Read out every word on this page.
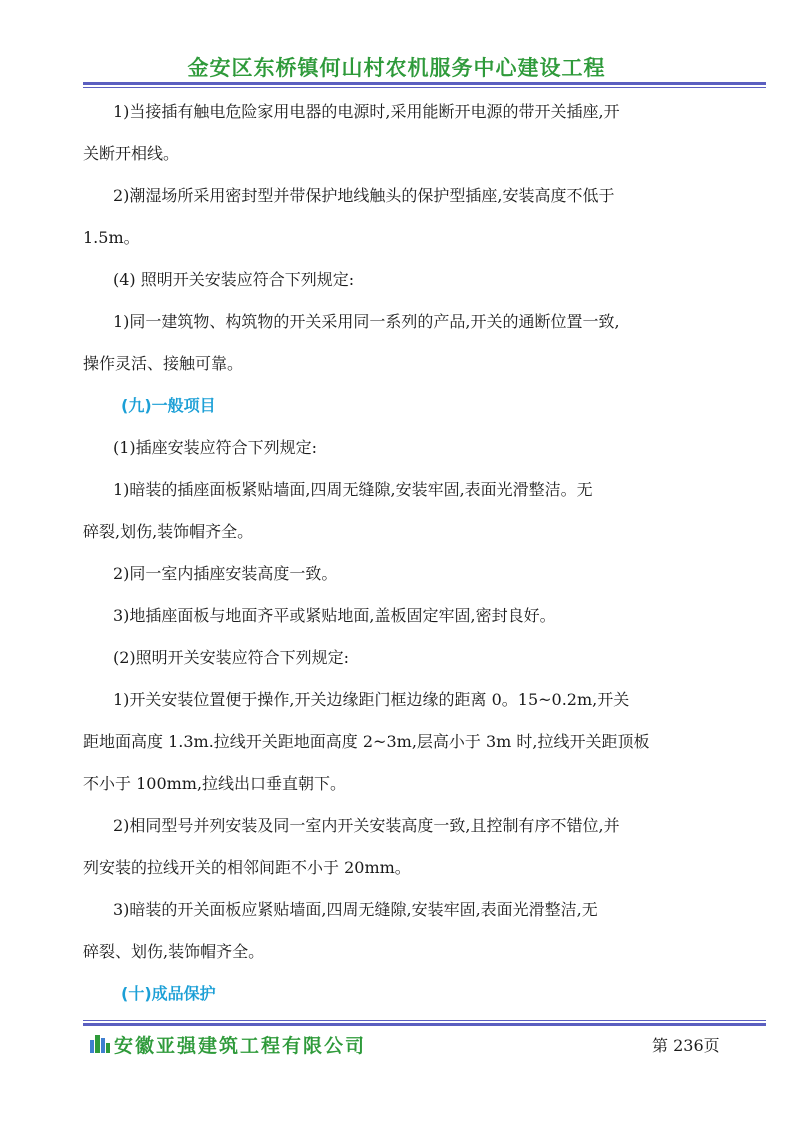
金安区东桥镇何山村农机服务中心建设工程
1)当接插有触电危险家用电器的电源时,采用能断开电源的带开关插座,开
关断开相线。
2)潮湿场所采用密封型并带保护地线触头的保护型插座,安装高度不低于
1.5m。
(4) 照明开关安装应符合下列规定:
1)同一建筑物、构筑物的开关采用同一系列的产品,开关的通断位置一致,
操作灵活、接触可靠。
(九)一般项目
(1)插座安装应符合下列规定:
1)暗装的插座面板紧贴墙面,四周无缝隙,安装牢固,表面光滑整洁。无
碎裂,划伤,装饰帽齐全。
2)同一室内插座安装高度一致。
3)地插座面板与地面齐平或紧贴地面,盖板固定牢固,密封良好。
(2)照明开关安装应符合下列规定:
1)开关安装位置便于操作,开关边缘距门框边缘的距离 0。15~0.2m,开关
距地面高度 1.3m.拉线开关距地面高度 2~3m,层高小于 3m 时,拉线开关距顶板
不小于 100mm,拉线出口垂直朝下。
2)相同型号并列安装及同一室内开关安装高度一致,且控制有序不错位,并
列安装的拉线开关的相邻间距不小于 20mm。
3)暗装的开关面板应紧贴墙面,四周无缝隙,安装牢固,表面光滑整洁,无
碎裂、划伤,装饰帽齐全。
(十)成品保护
安徽亚强建筑工程有限公司	第 236页
